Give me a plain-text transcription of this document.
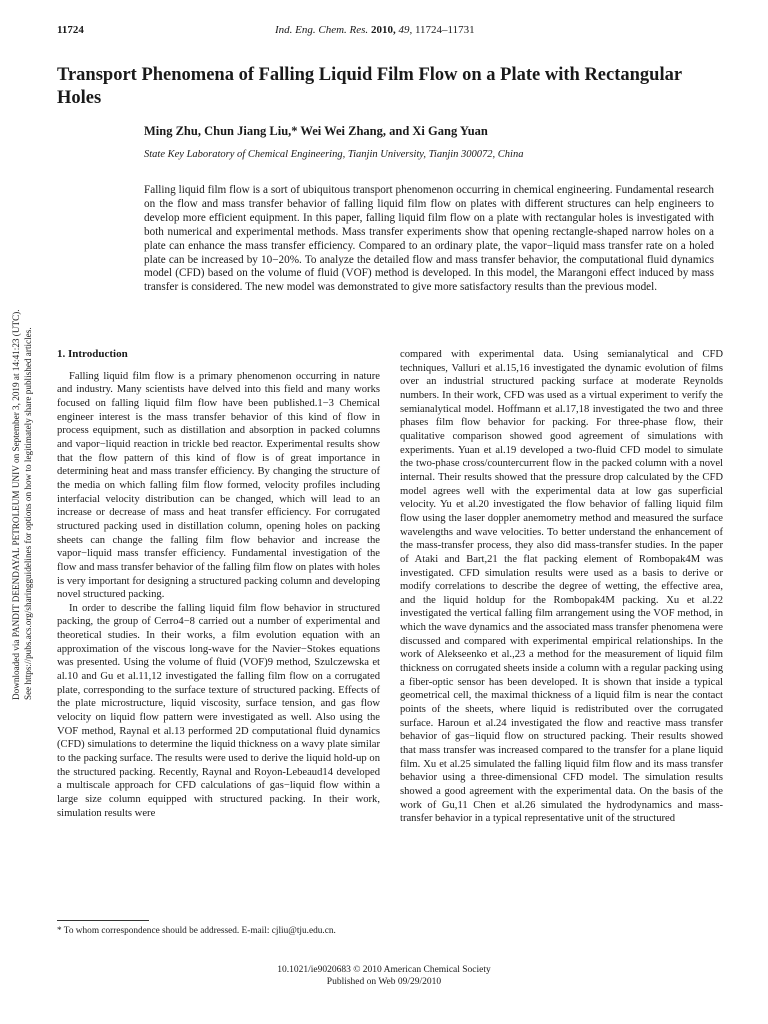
11724	Ind. Eng. Chem. Res. 2010, 49, 11724–11731
Transport Phenomena of Falling Liquid Film Flow on a Plate with Rectangular Holes
Ming Zhu, Chun Jiang Liu,* Wei Wei Zhang, and Xi Gang Yuan
State Key Laboratory of Chemical Engineering, Tianjin University, Tianjin 300072, China
Falling liquid film flow is a sort of ubiquitous transport phenomenon occurring in chemical engineering. Fundamental research on the flow and mass transfer behavior of falling liquid film flow on plates with different structures can help engineers to develop more efficient equipment. In this paper, falling liquid film flow on a plate with rectangular holes is investigated with both numerical and experimental methods. Mass transfer experiments show that opening rectangle-shaped narrow holes on a plate can enhance the mass transfer efficiency. Compared to an ordinary plate, the vapor−liquid mass transfer rate on a holed plate can be increased by 10−20%. To analyze the detailed flow and mass transfer behavior, the computational fluid dynamics model (CFD) based on the volume of fluid (VOF) method is developed. In this model, the Marangoni effect induced by mass transfer is considered. The new model was demonstrated to give more satisfactory results than the previous model.
Downloaded via PANDIT DEENDAYAL PETROLEUM UNIV on September 3, 2019 at 14:41:23 (UTC). See https://pubs.acs.org/sharingguidelines for options on how to legitimately share published articles. 1. Introduction

Falling liquid film flow is a primary phenomenon occurring in nature and industry. Many scientists have delved into this field and many works focused on falling liquid film flow have been published.1−3 Chemical engineer interest is the mass transfer behavior of this kind of flow in process equipment, such as distillation and absorption in packed columns and vapor−liquid reaction in trickle bed reactor. Experimental results show that the flow pattern of this kind of flow is of great importance in determining heat and mass transfer efficiency. By changing the structure of the media on which falling film flow formed, velocity profiles including interfacial velocity distribution can be changed, which will lead to an increase or decrease of mass and heat transfer efficiency. For corrugated structured packing used in distillation column, opening holes on packing sheets can change the falling film flow behavior and increase the vapor−liquid mass transfer efficiency. Fundamental investigation of the flow and mass transfer behavior of the falling film flow on plates with holes is very important for designing a structured packing column and developing novel structured packing.

In order to describe the falling liquid film flow behavior in structured packing, the group of Cerro4−8 carried out a number of experimental and theoretical studies. In their works, a film evolution equation with an approximation of the viscous long-wave for the Navier−Stokes equations was presented. Using the volume of fluid (VOF)9 method, Szulczewska et al.10 and Gu et al.11,12 investigated the falling film flow on a corrugated plate, corresponding to the surface texture of structured packing. Effects of the plate microstructure, liquid viscosity, surface tension, and gas flow velocity on liquid flow pattern were investigated as well. Also using the VOF method, Raynal et al.13 performed 2D computational fluid dynamics (CFD) simulations to determine the liquid thickness on a wavy plate similar to the packing surface. The results were used to derive the liquid hold-up on the structured packing. Recently, Raynal and Royon-Lebeaud14 developed a multiscale approach for CFD calculations of gas−liquid flow within a large size column equipped with structured packing. In their work, simulation results were

compared with experimental data. Using semianalytical and CFD techniques, Valluri et al.15,16 investigated the dynamic evolution of films over an industrial structured packing surface at moderate Reynolds numbers. In their work, CFD was used as a virtual experiment to verify the semianalytical model. Hoffmann et al.17,18 investigated the two and three phases film flow behavior for packing. For three-phase flow, their qualitative comparison showed good agreement of simulations with experiments. Yuan et al.19 developed a two-fluid CFD model to simulate the two-phase cross/countercurrent flow in the packed column with a novel internal. Their results showed that the pressure drop calculated by the CFD model agrees well with the experimental data at low gas superficial velocity. Yu et al.20 investigated the flow behavior of falling liquid film flow using the laser doppler anemometry method and measured the surface wavelengths and wave velocities. To better understand the enhancement of the mass-transfer process, they also did mass-transfer studies. In the paper of Ataki and Bart,21 the flat packing element of Rombopak4M was investigated. CFD simulation results were used as a basis to derive or modify correlations to describe the degree of wetting, the effective area, and the liquid holdup for the Rombopak4M packing. Xu et al.22 investigated the vertical falling film arrangement using the VOF method, in which the wave dynamics and the associated mass transfer phenomena were discussed and compared with experimental empirical relationships. In the work of Alekseenko et al.,23 a method for the measurement of liquid film thickness on corrugated sheets inside a column with a regular packing using a fiber-optic sensor has been developed. It is shown that inside a typical geometrical cell, the maximal thickness of a liquid film is near the contact points of the sheets, where liquid is redistributed over the corrugated surface. Haroun et al.24 investigated the flow and reactive mass transfer behavior of gas−liquid flow on structured packing. Their results showed that mass transfer was increased compared to the transfer for a plane liquid film. Xu et al.25 simulated the falling liquid film flow and its mass transfer behavior using a three-dimensional CFD model. The simulation results showed a good agreement with the experimental data. On the basis of the work of Gu,11 Chen et al.26 simulated the hydrodynamics and mass-transfer behavior in a typical representative unit of the structured

* To whom correspondence should be addressed. E-mail: cjliu@tju.edu.cn.
10.1021/ie9020683 © 2010 American Chemical Society
Published on Web 09/29/2010
